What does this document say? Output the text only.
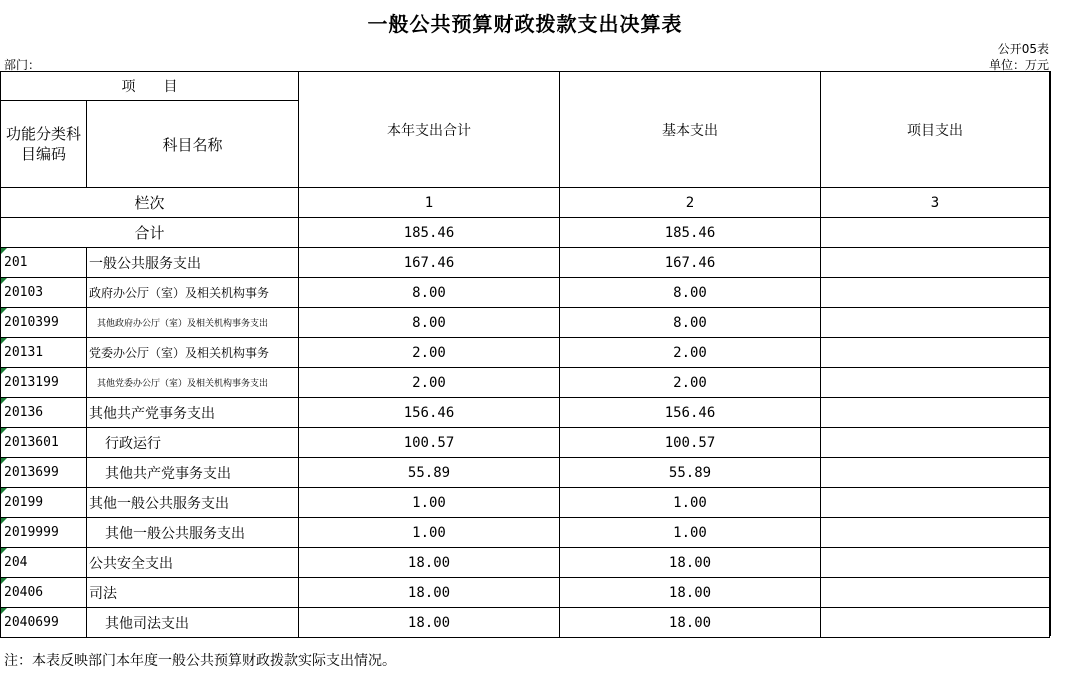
一般公共预算财政拨款支出决算表
公开05表
部门：	单位：万元
项　　目		本年支出合计	基本支出	项目支出
功能分类科目编码	科目名称			
栏次		1	2	3
合计		185.46	185.46	

201	一般公共服务支出	167.46	167.46	

20103	政府办公厅（室）及相关机构事务	8.00	8.00	

2010399	其他政府办公厅（室）及相关机构事务支出	8.00	8.00	

20131	党委办公厅（室）及相关机构事务	2.00	2.00	

2013199	其他党委办公厅（室）及相关机构事务支出	2.00	2.00	

20136	其他共产党事务支出	156.46	156.46	

2013601	行政运行	100.57	100.57	

2013699	其他共产党事务支出	55.89	55.89	

20199	其他一般公共服务支出	1.00	1.00	

2019999	其他一般公共服务支出	1.00	1.00	

204	公共安全支出	18.00	18.00	

20406	司法	18.00	18.00	

2040699	其他司法支出	18.00	18.00	
注：本表反映部门本年度一般公共预算财政拨款实际支出情况。
